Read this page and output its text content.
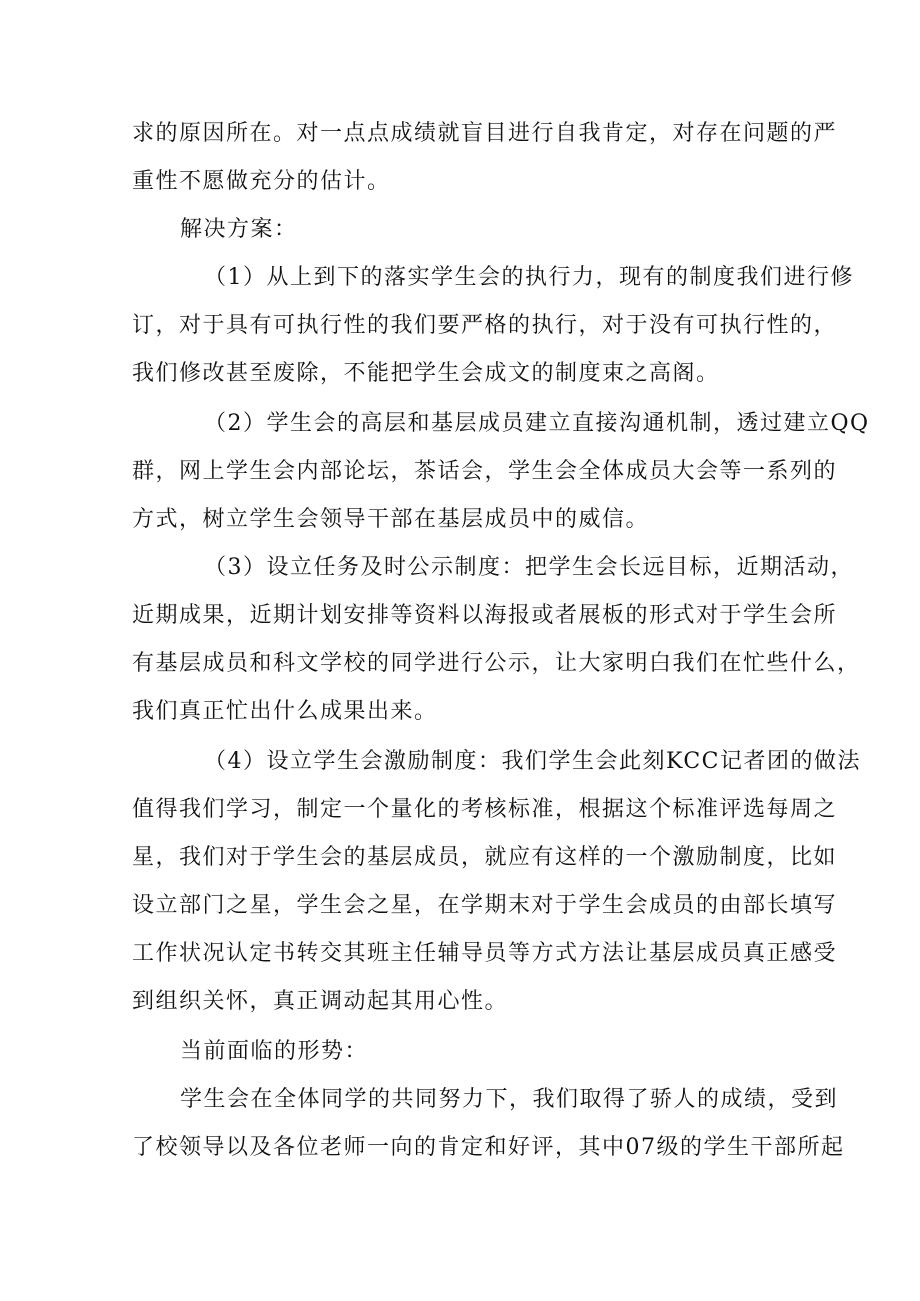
求的原因所在。对一点点成绩就盲目进行自我肯定，对存在问题的严
重性不愿做充分的估计。
解决方案：
（1）从上到下的落实学生会的执行力，现有的制度我们进行修
订，对于具有可执行性的我们要严格的执行，对于没有可执行性的，
我们修改甚至废除，不能把学生会成文的制度束之高阁。
（2）学生会的高层和基层成员建立直接沟通机制，透过建立QQ
群，网上学生会内部论坛，茶话会，学生会全体成员大会等一系列的
方式，树立学生会领导干部在基层成员中的威信。
（3）设立任务及时公示制度：把学生会长远目标，近期活动，
近期成果，近期计划安排等资料以海报或者展板的形式对于学生会所
有基层成员和科文学校的同学进行公示，让大家明白我们在忙些什么，
我们真正忙出什么成果出来。
（4）设立学生会激励制度：我们学生会此刻KCC记者团的做法
值得我们学习，制定一个量化的考核标准，根据这个标准评选每周之
星，我们对于学生会的基层成员，就应有这样的一个激励制度，比如
设立部门之星，学生会之星，在学期末对于学生会成员的由部长填写
工作状况认定书转交其班主任辅导员等方式方法让基层成员真正感受
到组织关怀，真正调动起其用心性。
当前面临的形势：
学生会在全体同学的共同努力下，我们取得了骄人的成绩，受到
了校领导以及各位老师一向的肯定和好评，其中07级的学生干部所起
